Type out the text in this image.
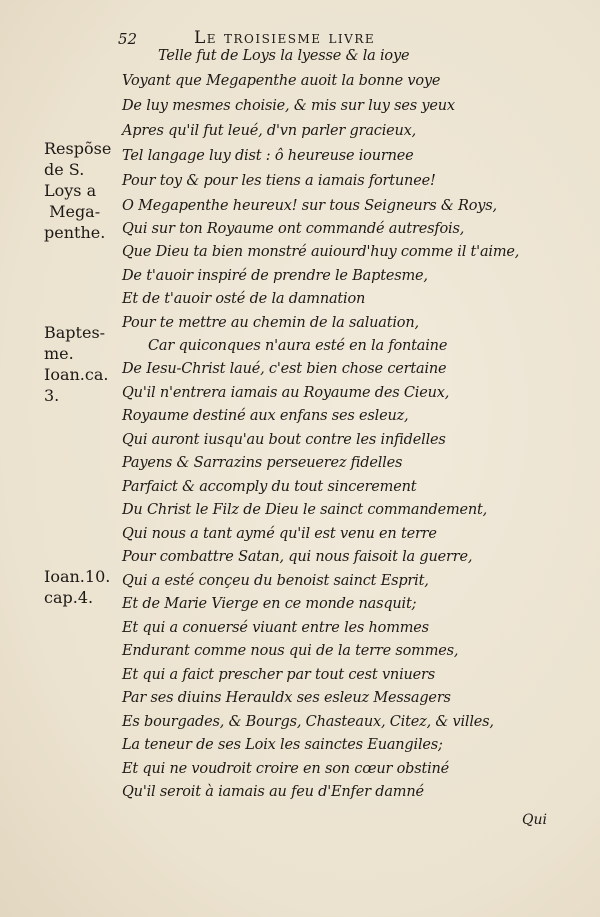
52	Le troisiesme livre
Telle fut de Loys la lyesse & la ioye
Voyant que Megapenthe auoit la bonne voye
De luy mesmes choisie, & mis sur luy ses yeux
Apres qu'il fut leué, d'vn parler gracieux,
Tel langage luy dist : ô heureuse iournee
Pour toy & pour les tiens a iamais fortunee!
O Megapenthe heureux! sur tous Seigneurs & Roys,
Qui sur ton Royaume ont commandé autresfois,
Que Dieu ta bien monstré auiourd'huy comme il t'aime,
De t'auoir inspiré de prendre le Baptesme,
Et de t'auoir osté de la damnation
Pour te mettre au chemin de la saluation,
Car quiconques n'aura esté en la fontaine
De Iesu-Christ laué, c'est bien chose certaine
Qu'il n'entrera iamais au Royaume des Cieux,
Royaume destiné aux enfans ses esleuz,
Qui auront iusqu'au bout contre les infidelles
Payens & Sarrazins perseuerez fidelles
Parfaict & accomply du tout sincerement
Du Christ le Filz de Dieu le sainct commandement,
Qui nous a tant aymé qu'il est venu en terre
Pour combattre Satan, qui nous faisoit la guerre,
Qui a esté conçeu du benoist sainct Esprit,
Et de Marie Vierge en ce monde nasquit;
Et qui a conuersé viuant entre les hommes
Endurant comme nous qui de la terre sommes,
Et qui a faict prescher par tout cest vniuers
Par ses diuins Herauldx ses esleuz Messagers
Es bourgades, & Bourgs, Chasteaux, Citez, & villes,
La teneur de ses Loix les sainctes Euangiles;
Et qui ne voudroit croire en son cœur obstiné
Qu'il seroit à iamais au feu d'Enfer damné
Respõse
de S.
Loys a
Mega-
penthe.
Baptes-
me.
Ioan.ca.
3.
Ioan.10.
cap.4.
Qui
